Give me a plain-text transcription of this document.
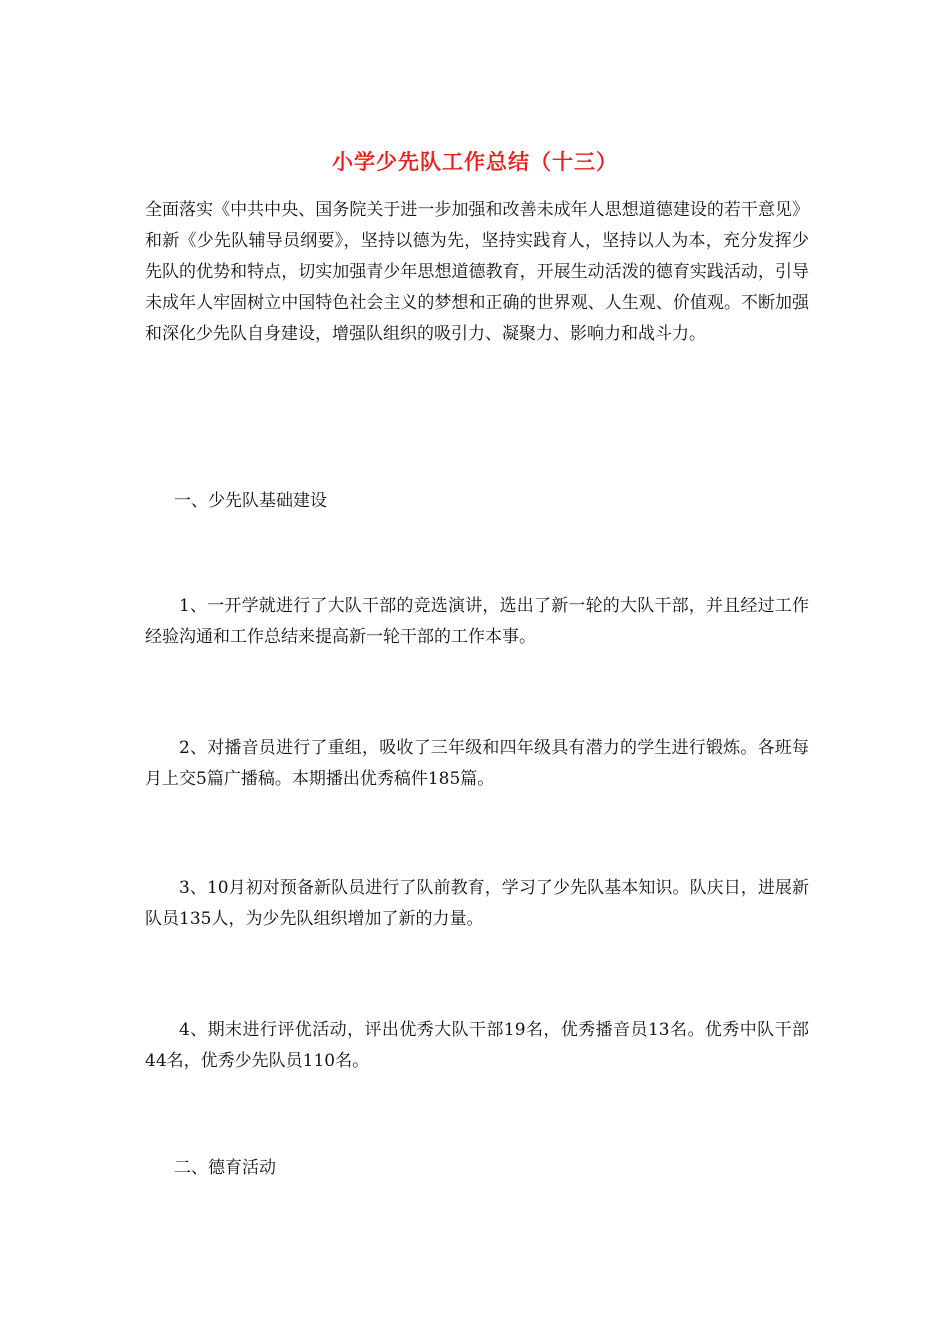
小学少先队工作总结（十三）

全面落实《中共中央、国务院关于进一步加强和改善未成年人思想道德建设的若干意见》和新《少先队辅导员纲要》，坚持以德为先，坚持实践育人，坚持以人为本，充分发挥少先队的优势和特点，切实加强青少年思想道德教育，开展生动活泼的德育实践活动，引导未成年人牢固树立中国特色社会主义的梦想和正确的世界观、人生观、价值观。不断加强和深化少先队自身建设，增强队组织的吸引力、凝聚力、影响力和战斗力。

一、少先队基础建设

1、一开学就进行了大队干部的竞选演讲，选出了新一轮的大队干部，并且经过工作经验沟通和工作总结来提高新一轮干部的工作本事。

2、对播音员进行了重组，吸收了三年级和四年级具有潜力的学生进行锻炼。各班每月上交5篇广播稿。本期播出优秀稿件185篇。

3、10月初对预备新队员进行了队前教育，学习了少先队基本知识。队庆日，进展新队员135人，为少先队组织增加了新的力量。

4、期末进行评优活动，评出优秀大队干部19名，优秀播音员13名。优秀中队干部44名，优秀少先队员110名。

二、德育活动
